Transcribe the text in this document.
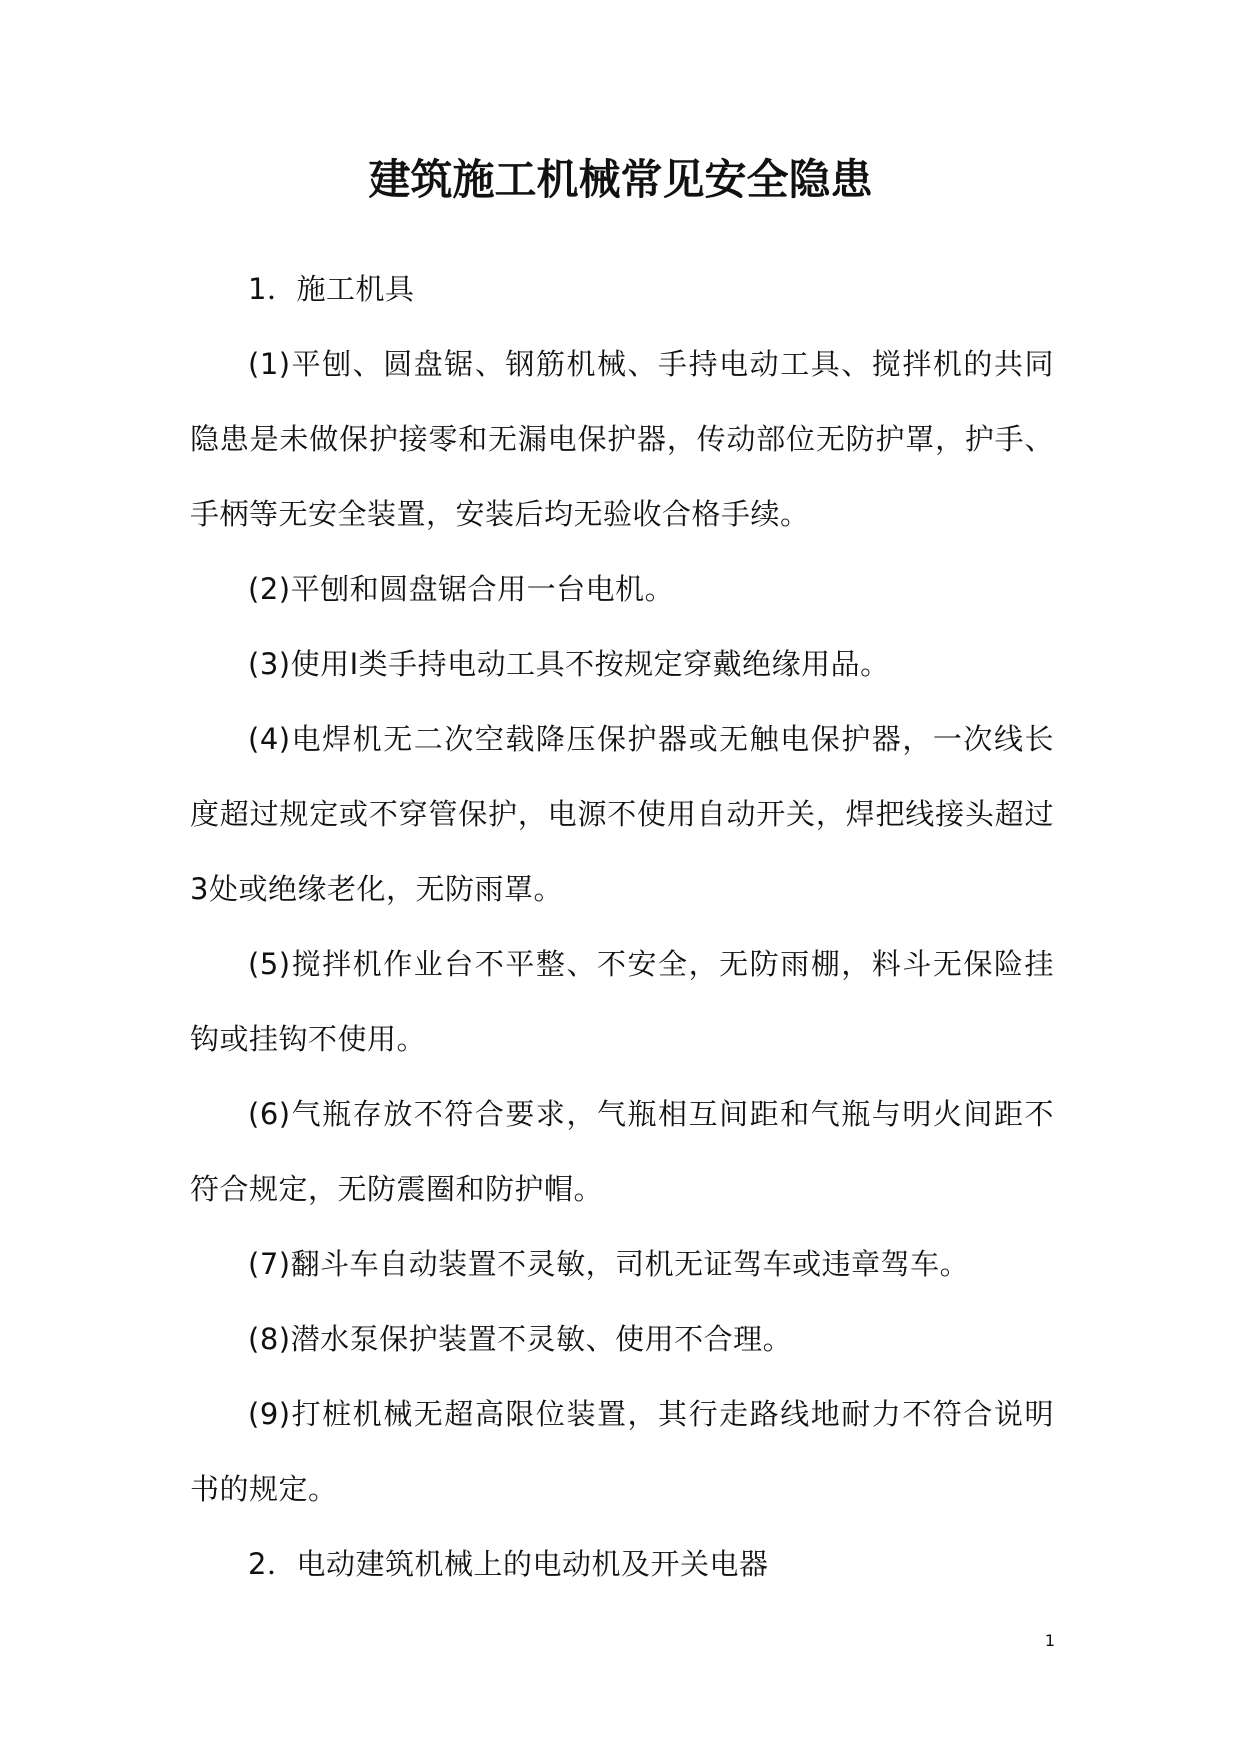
建筑施工机械常见安全隐患

1．施工机具

(1)平刨、圆盘锯、钢筋机械、手持电动工具、搅拌机的共同隐患是未做保护接零和无漏电保护器，传动部位无防护罩，护手、手柄等无安全装置，安装后均无验收合格手续。

(2)平刨和圆盘锯合用一台电机。

(3)使用Ⅰ类手持电动工具不按规定穿戴绝缘用品。

(4)电焊机无二次空载降压保护器或无触电保护器，一次线长度超过规定或不穿管保护，电源不使用自动开关，焊把线接头超过3处或绝缘老化，无防雨罩。

(5)搅拌机作业台不平整、不安全，无防雨棚，料斗无保险挂钩或挂钩不使用。

(6)气瓶存放不符合要求，气瓶相互间距和气瓶与明火间距不符合规定，无防震圈和防护帽。

(7)翻斗车自动装置不灵敏，司机无证驾车或违章驾车。

(8)潜水泵保护装置不灵敏、使用不合理。

(9)打桩机械无超高限位装置，其行走路线地耐力不符合说明书的规定。

2．电动建筑机械上的电动机及开关电器

1
